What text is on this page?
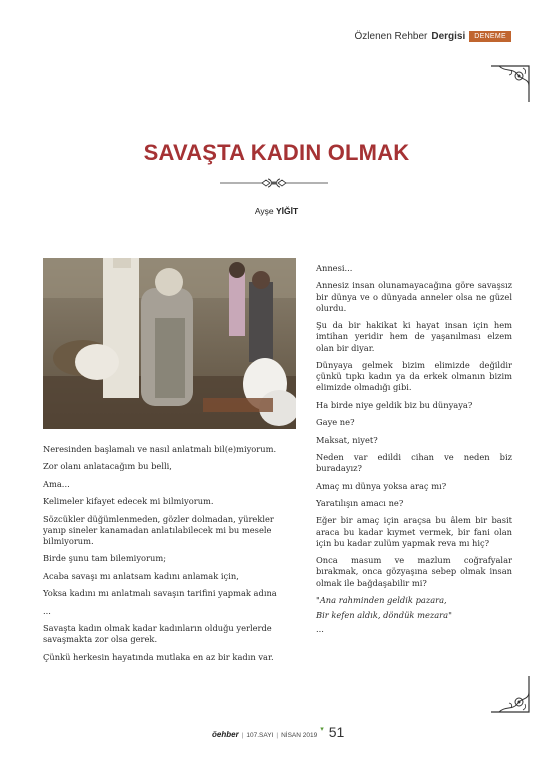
Özlenen Rehber Dergisi	DENEME
SAVAŞTA KADIN OLMAK
Ayşe YİĞİT

Neresinden başlamalı ve nasıl anlatmalı bil(e)miyorum.

Zor olanı anlatacağım bu belli,

Ama...

Kelimeler kifayet edecek mi bilmiyorum.

Sözcükler düğümlenmeden, gözler dolmadan, yürekler yanıp sineler kanamadan anlatılabilecek mi bu mesele bilmiyorum.

Birde şunu tam bilemiyorum;

Acaba savaşı mı anlatsam kadını anlamak için,

Yoksa kadını mı anlatmalı savaşın tarifini yapmak adına

...

Savaşta kadın olmak kadar kadınların olduğu yerlerde savaşmakta zor olsa gerek.

Çünkü herkesin hayatında mutlaka en az bir kadın var.

Annesi...

Annesiz insan olunamayacağına göre savaşsız bir dünya ve o dünyada anneler olsa ne güzel olurdu.

Şu da bir hakikat ki hayat insan için hem imtihan yeridir hem de yaşanılması elzem olan bir diyar.

Dünyaya gelmek bizim elimizde değildir çünkü tıpkı kadın ya da erkek olmanın bizim elimizde olmadığı gibi.

Ha birde niye geldik biz bu dünyaya?

Gaye ne?

Maksat, niyet?

Neden var edildi cihan ve neden biz buradayız?

Amaç mı dünya yoksa araç mı?

Yaratılışın amacı ne?

Eğer bir amaç için araçsa bu âlem bir basit araca bu kadar kıymet vermek, bir fani olan için bu kadar zulüm yapmak reva mı hiç?

Onca masum ve mazlum coğrafyalar bırakmak, onca gözyaşına sebep olmak insan olmak ile bağdaşabilir mi?

"Ana rahminden geldik pazara,

Bir kefen aldık, döndük mezara"

...

öehber | 107.SAYI | NİSAN 2019
▾ 51
